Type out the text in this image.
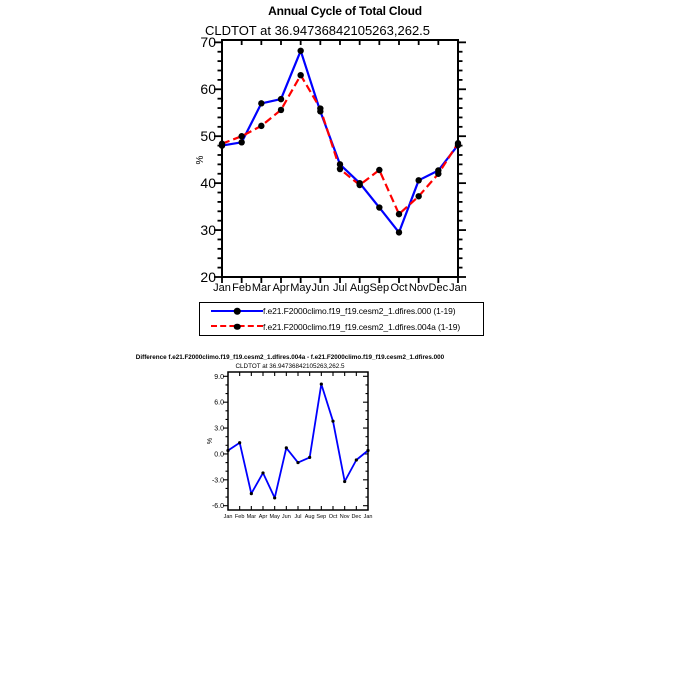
Annual Cycle of Total Cloud
CLDTOT at 36.94736842105263,262.5
20
30
40
50
60
70
Jan Feb Mar Apr May Jun Jul Aug Sep Oct Nov Dec Jan
%
-6.0
-3.0
0.0
3.0
6.0
9.0
Jan Feb Mar Apr May Jun Jul Aug Sep Oct Nov Dec Jan
%
f.e21.F2000climo.f19_f19.cesm2_1.dfires.000 (1-19)
f.e21.F2000climo.f19_f19.cesm2_1.dfires.004a (1-19)
Difference f.e21.F2000climo.f19_f19.cesm2_1.dfires.004a - f.e21.F2000climo.f19_f19.cesm2_1.dfires.000
CLDTOT at 36.94736842105263,262.5
